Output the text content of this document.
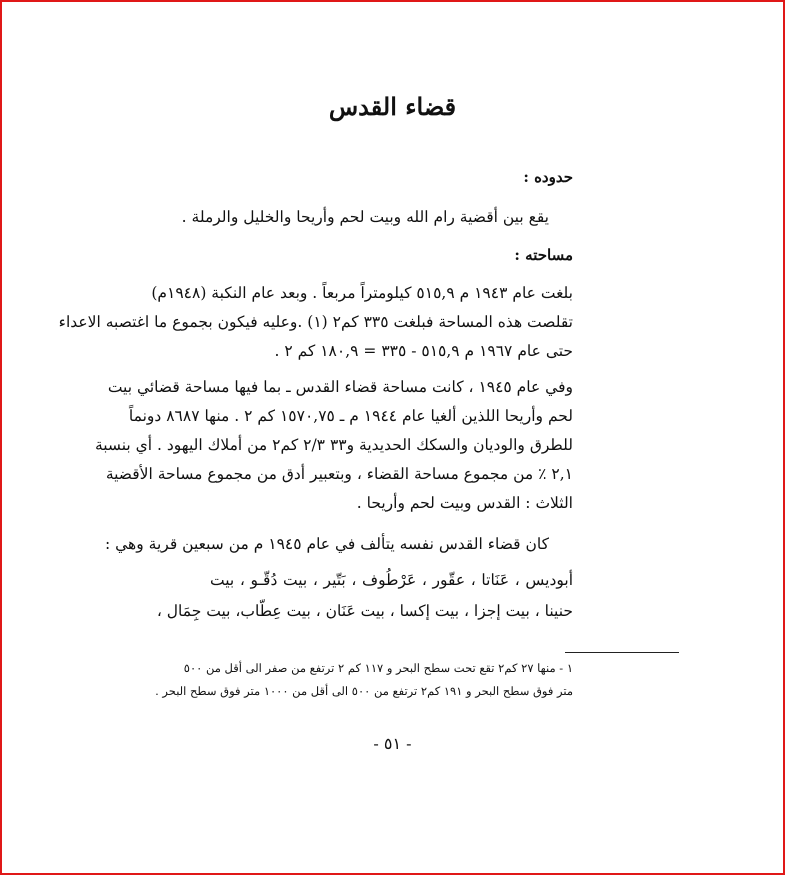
قضاء القدس
حدوده :
يقع بين أقضية رام الله وبيت لحم وأريحا والخليل والرملة .
مساحته :
بلغت عام ١٩٤٣ م ٥١٥,٩ كيلومتراً مربعاً . وبعد عام النكبة (١٩٤٨م)
تقلصت هذه المساحة فبلغت ٣٣٥ كم٢ (١) .وعليه فيكون بجموع ما اغتصبه الاعداء
حتى عام ١٩٦٧ م ٥١٥,٩ - ٣٣٥ = ١٨٠,٩ كم ٢ .
وفي عام ١٩٤٥ ، كانت مساحة قضاء القدس ـ بما فيها مساحة قضائي بيت
لحم وأريحا اللذين ألغيا عام ١٩٤٤ م ـ ١٥٧٠,٧٥ كم ٢ . منها ٨٦٨٧ دونماً
للطرق والوديان والسكك الحديدية و٣٣ ٢/٣ كم٢ من أملاك اليهود . أي بنسبة
٢,١ ٪ من مجموع مساحة القضاء ، وبتعبير أدق من مجموع مساحة الأقضية
الثلاث : القدس وبيت لحم وأريحا .
كان قضاء القدس نفسه يتألف في عام ١٩٤٥ م من سبعين قرية وهي :
أبوديس ، عَنَاتا ، عقّور ، عَرْطُوف ، بَتّير ، بيت دُقّـو ، بيت
حنينا ، بيت إجزا ، بيت إكسا ، بيت عَنَان ، بيت عِطّاب، بيت جِمَال ،
١ - منها ٢٧ كم٢ تقع تحت سطح البحر و ١١٧ كم ٢ ترتفع من صفر الى أقل من ٥٠٠
متر فوق سطح البحر و ١٩١ كم٢ ترتفع من ٥٠٠ الى أقل من ١٠٠٠ متر فوق سطح البحر .
- ٥١ -
